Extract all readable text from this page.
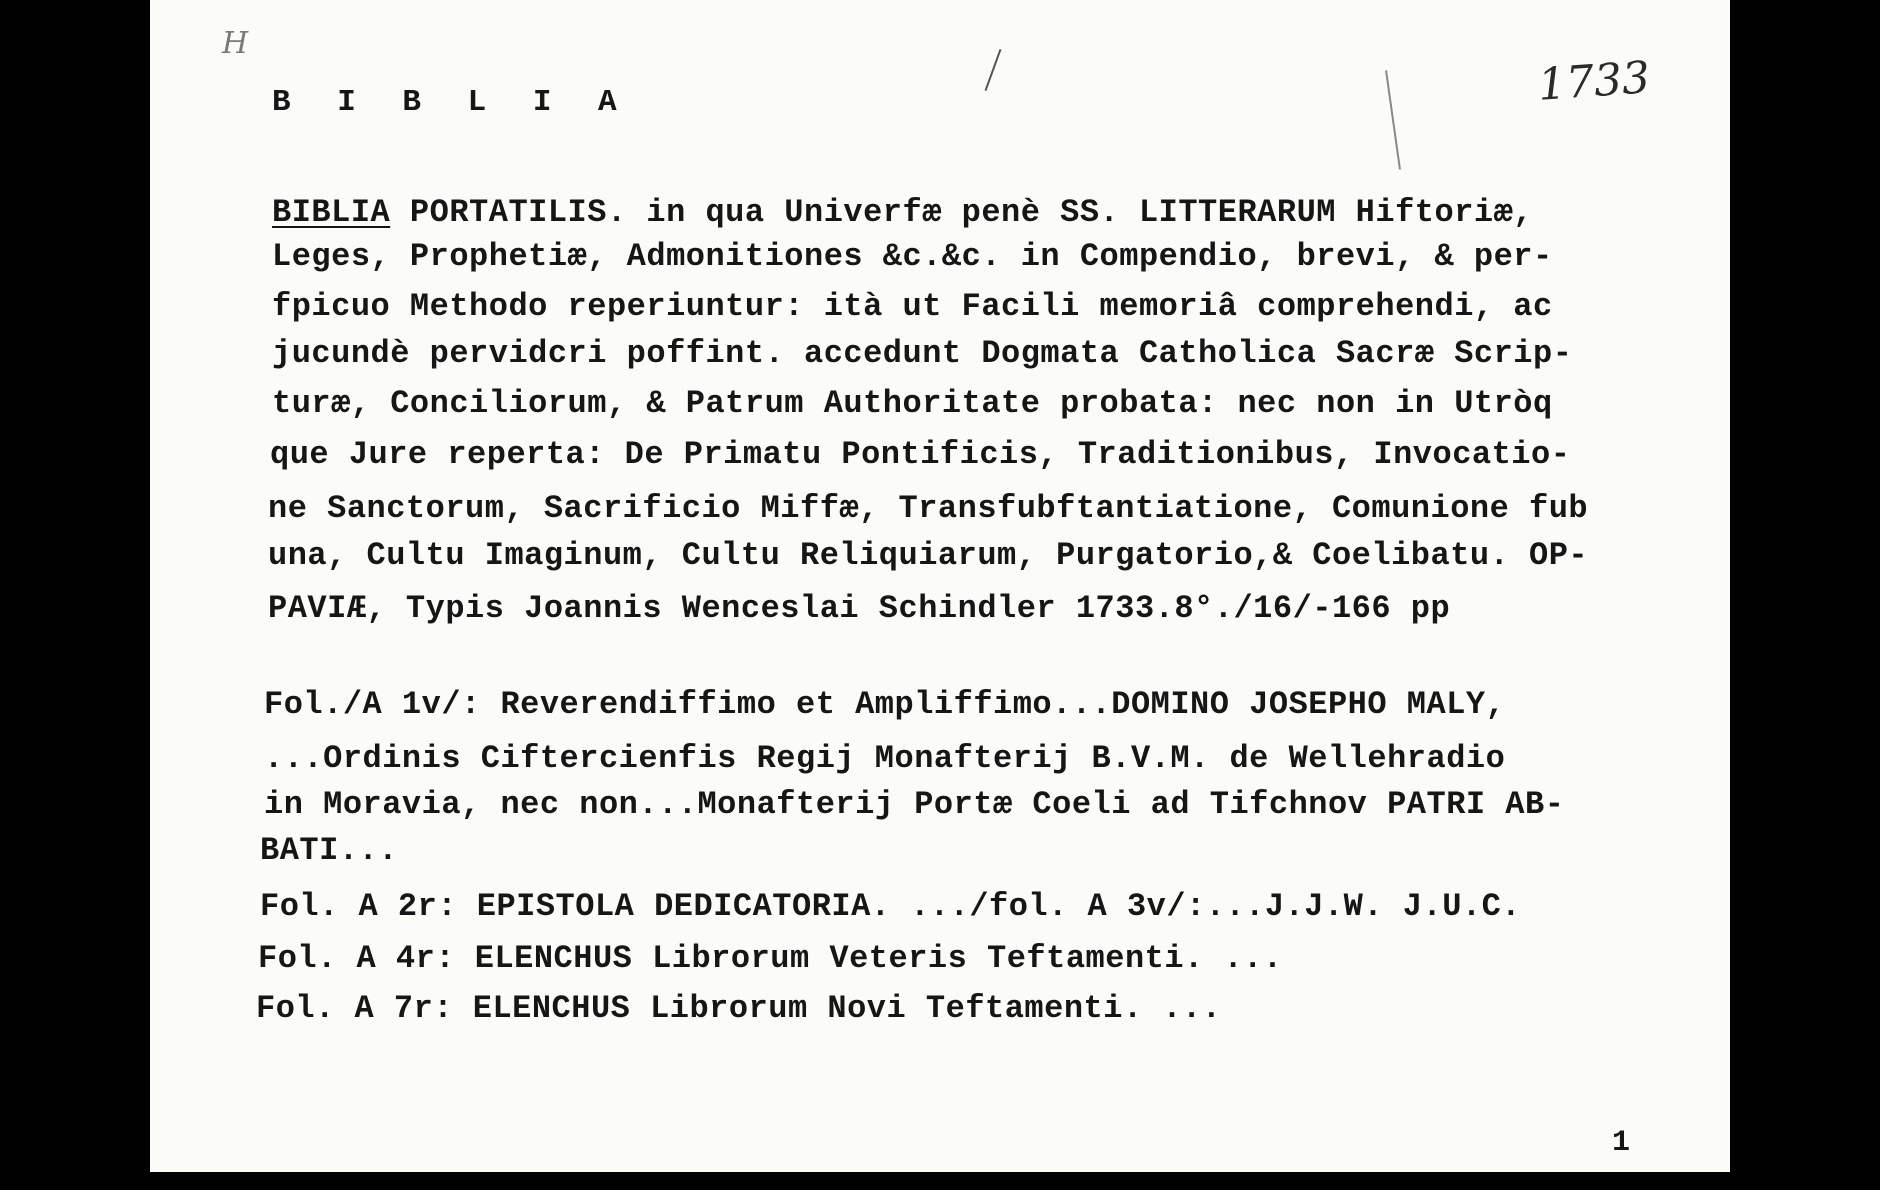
H
1733
B I B L I A
BIBLIA PORTATILIS. in qua Univerfæ penè SS. LITTERARUM Hiftoriæ,
Leges, Prophetiæ, Admonitiones &c.&c. in Compendio, brevi, & per-
fpicuo Methodo reperiuntur: ità ut Facili memoriâ comprehendi, ac
jucundè pervidcri poffint. accedunt Dogmata Catholica Sacræ Scrip-
turæ, Conciliorum, & Patrum Authoritate probata: nec non in Utròq
que Jure reperta: De Primatu Pontificis, Traditionibus, Invocatio-
ne Sanctorum, Sacrificio Miffæ, Transfubftantiatione, Comunione fub
una, Cultu Imaginum, Cultu Reliquiarum, Purgatorio,& Coelibatu. OP-
PAVIÆ, Typis Joannis Wenceslai Schindler 1733.8°./16/-166 pp
Fol./A 1v/: Reverendiffimo et Ampliffimo...DOMINO JOSEPHO MALY,
...Ordinis Ciftercienfis Regij Monafterij B.V.M. de Wellehradio
in Moravia, nec non...Monafterij Portæ Coeli ad Tifchnov PATRI AB-
BATI...
Fol. A 2r: EPISTOLA DEDICATORIA. .../fol. A 3v/:...J.J.W. J.U.C.
Fol. A 4r: ELENCHUS Librorum Veteris Teftamenti. ...
Fol. A 7r: ELENCHUS Librorum Novi Teftamenti. ...
1
